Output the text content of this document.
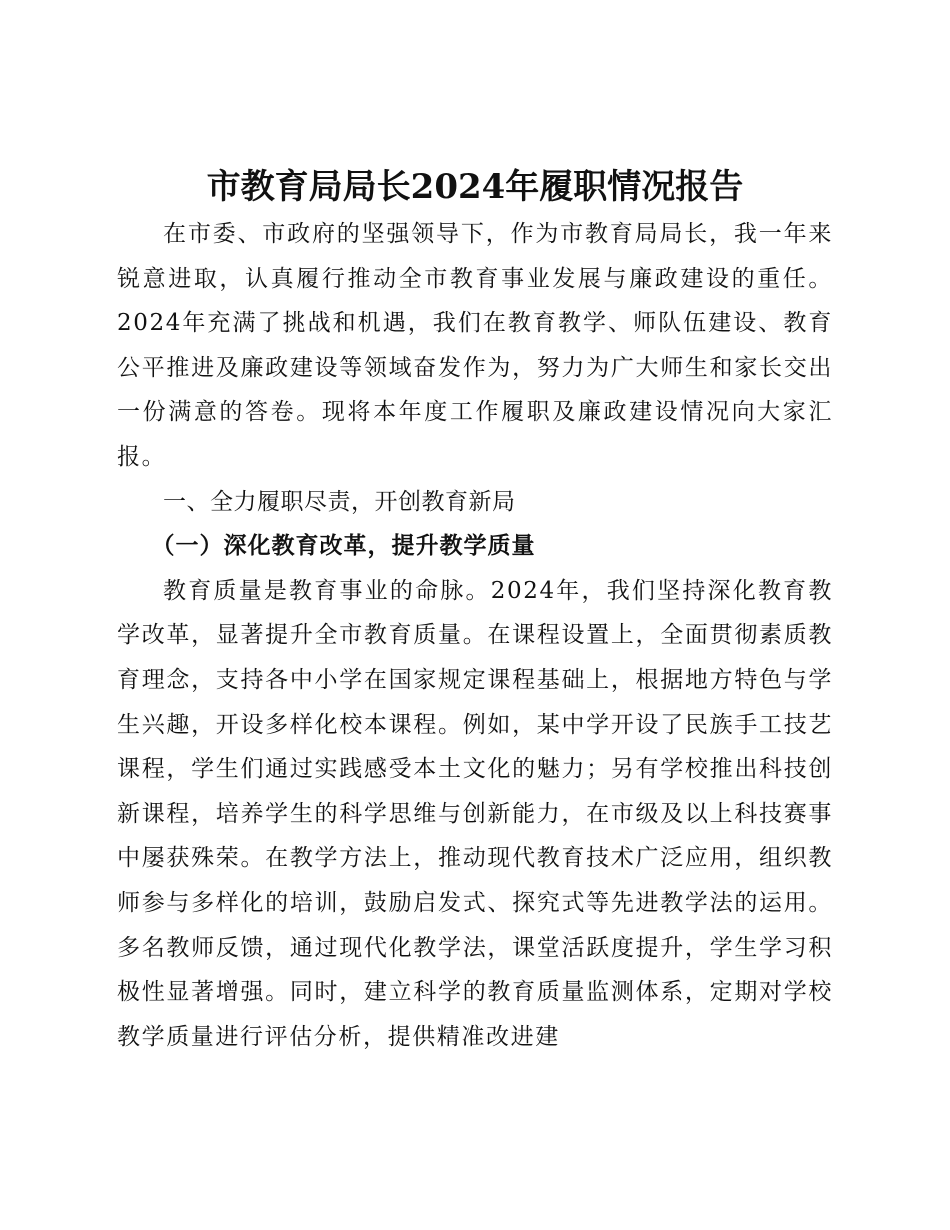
市教育局局长2024年履职情况报告

在市委、市政府的坚强领导下，作为市教育局局长，我一年来锐意进取，认真履行推动全市教育事业发展与廉政建设的重任。2024年充满了挑战和机遇，我们在教育教学、师队伍建设、教育公平推进及廉政建设等领域奋发作为，努力为广大师生和家长交出一份满意的答卷。现将本年度工作履职及廉政建设情况向大家汇报。

一、全力履职尽责，开创教育新局

（一）深化教育改革，提升教学质量

教育质量是教育事业的命脉。2024年，我们坚持深化教育教学改革，显著提升全市教育质量。在课程设置上，全面贯彻素质教育理念，支持各中小学在国家规定课程基础上，根据地方特色与学生兴趣，开设多样化校本课程。例如，某中学开设了民族手工技艺课程，学生们通过实践感受本土文化的魅力；另有学校推出科技创新课程，培养学生的科学思维与创新能力，在市级及以上科技赛事中屡获殊荣。在教学方法上，推动现代教育技术广泛应用，组织教师参与多样化的培训，鼓励启发式、探究式等先进教学法的运用。多名教师反馈，通过现代化教学法，课堂活跃度提升，学生学习积极性显著增强。同时，建立科学的教育质量监测体系，定期对学校教学质量进行评估分析，提供精准改进建
